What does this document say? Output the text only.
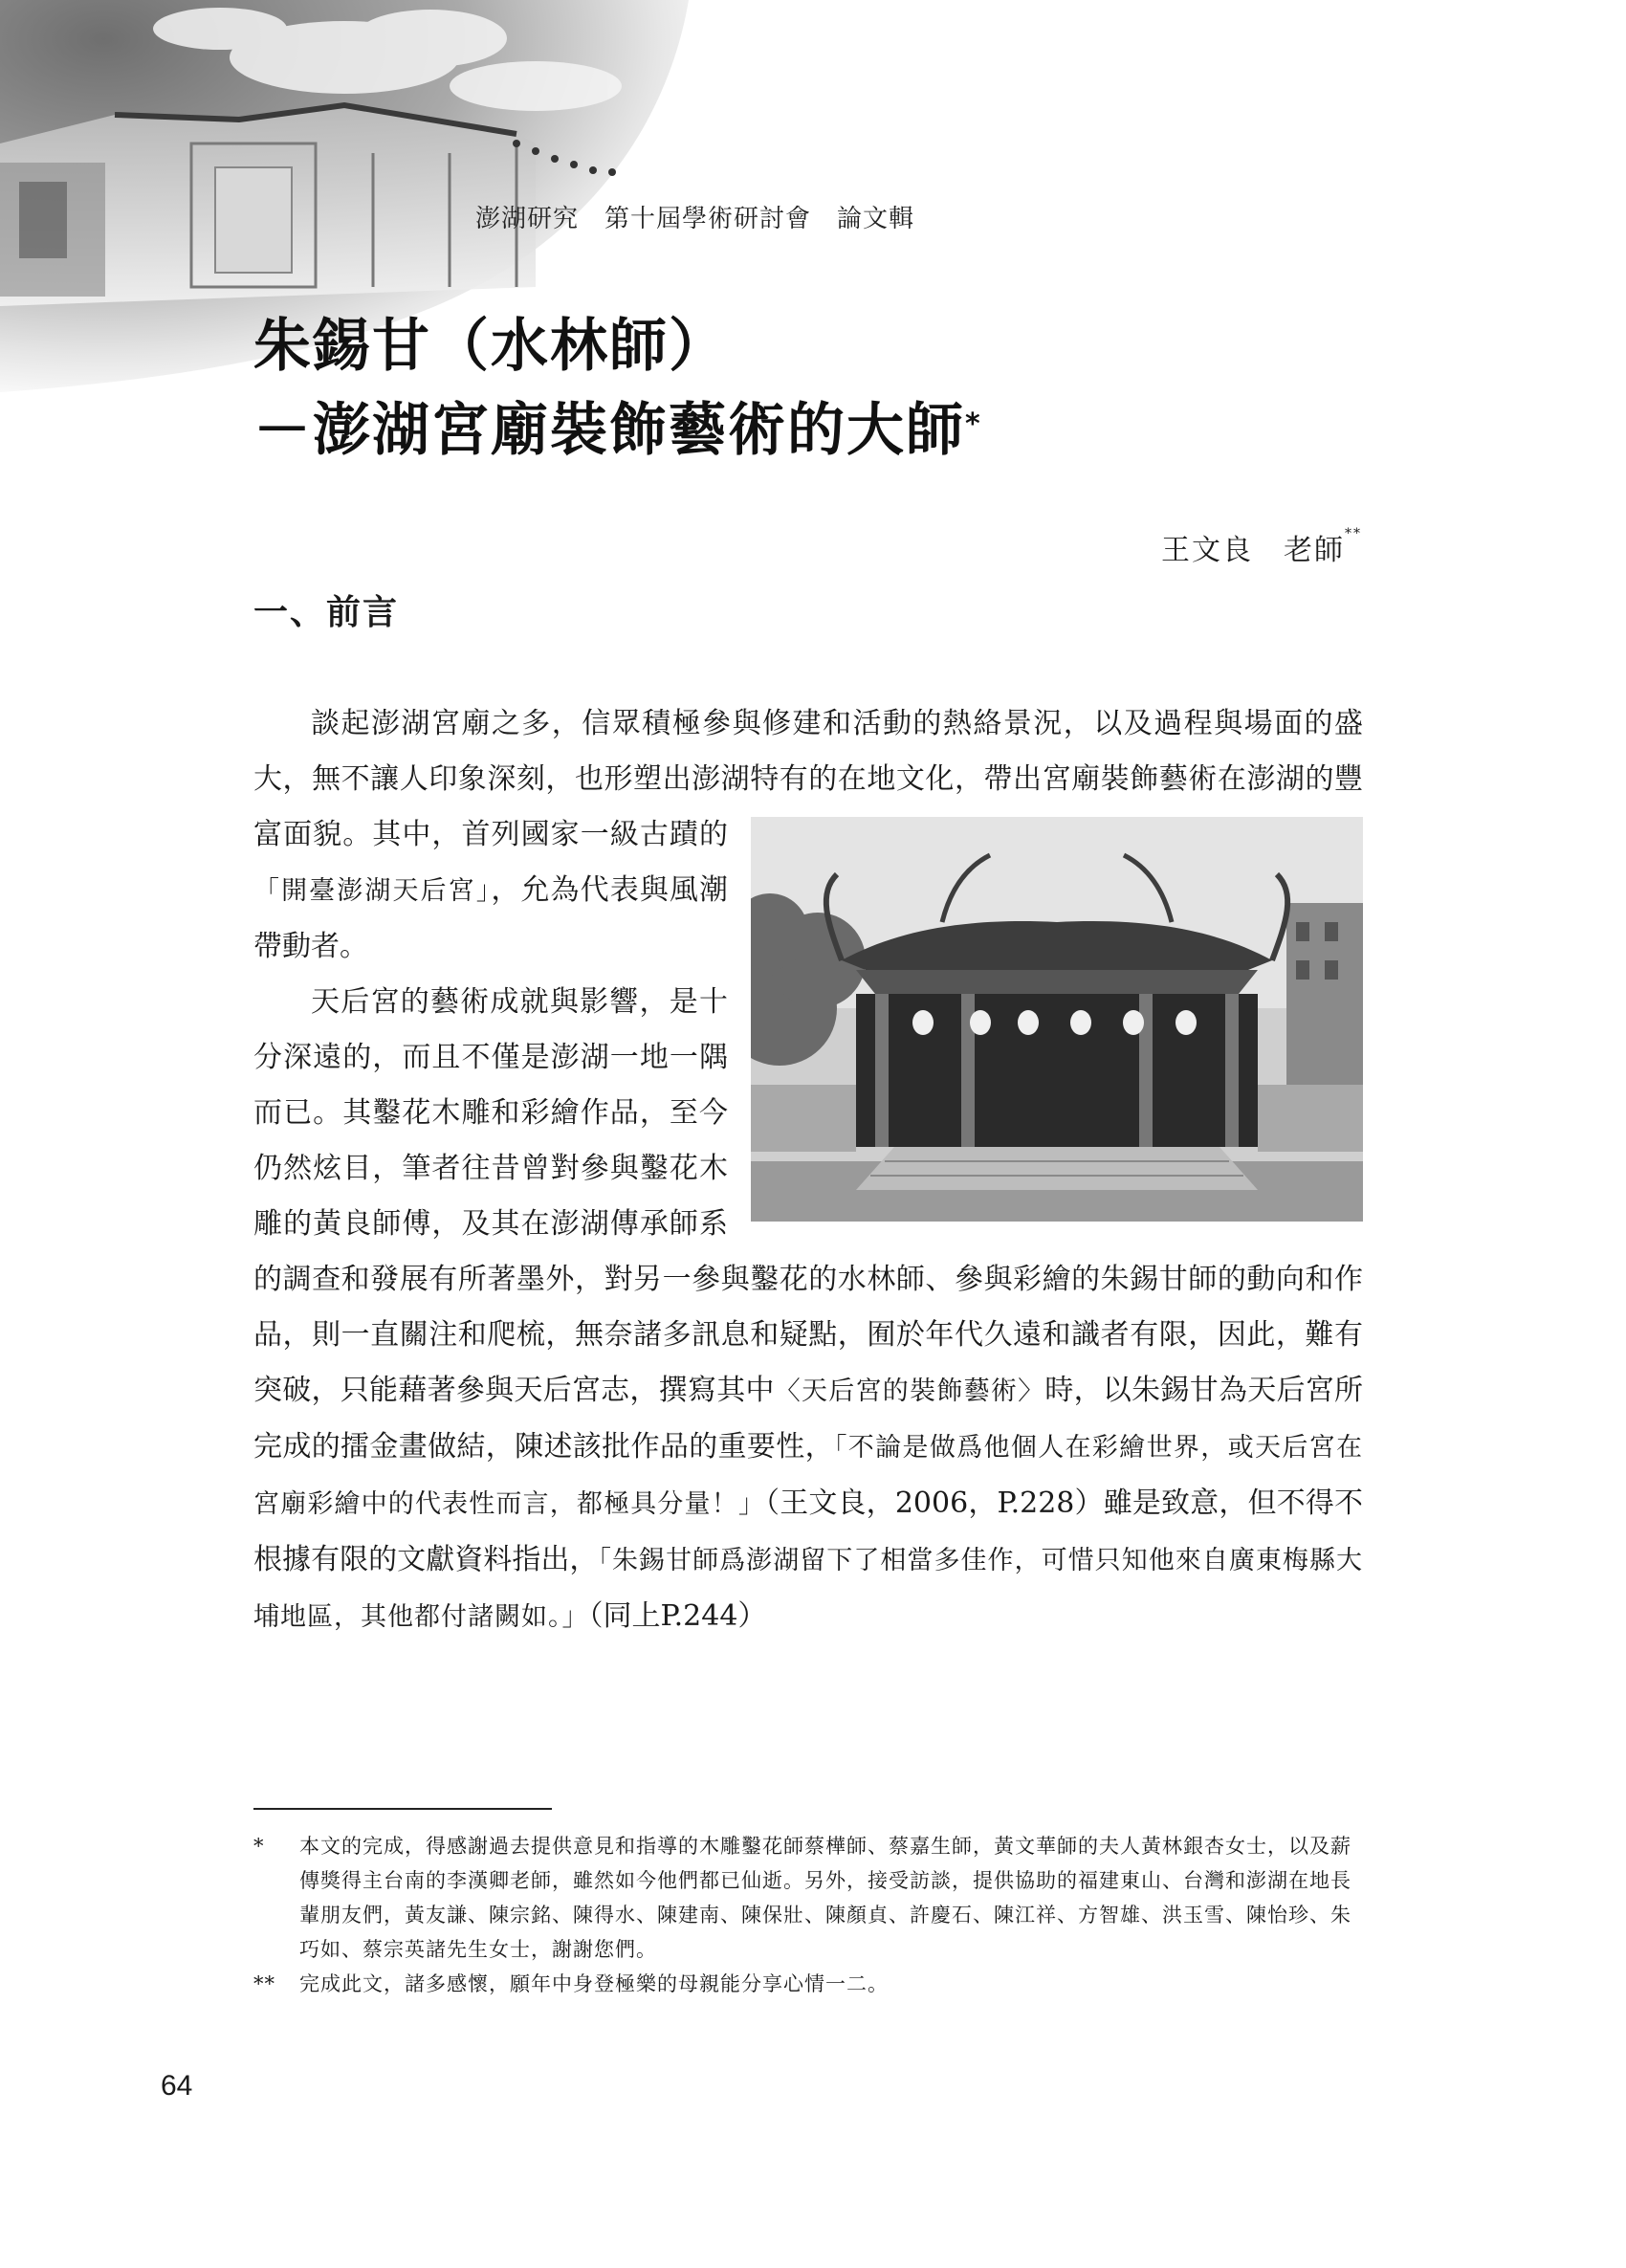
澎湖研究　第十屆學術研討會　論文輯
朱錫甘（水林師）
－澎湖宮廟裝飾藝術的大師*
王文良　老師**
一、前言

談起澎湖宮廟之多，信眾積極參與修建和活動的熱絡景況，以及過程與場面的盛大，無不讓人印象深刻，也形塑出澎湖特有的在地文化，帶出宮廟裝飾藝術在澎湖的豐富面貌。其中，首列國家一級古蹟的
「開臺澎湖天后宮」，允為代表與風潮帶動者。

天后宮的藝術成就與影響，是十分深遠的，而且不僅是澎湖一地一隅而已。其鑿花木雕和彩繪作品，至今仍然炫目，筆者往昔曾對參與鑿花木雕的黃良師傅，及其在澎湖傳承師系的調查和發展有所著墨外，對另一參與鑿花的水林師、參與彩繪的朱錫甘師的動向和作品，則一直關注和爬梳，無奈諸多訊息和疑點，囿於年代久遠和識者有限，因此，難有突破，只能藉著參與天后宮志，撰寫其中〈天后宮的裝飾藝術〉時，以朱錫甘為天后宮所完成的擂金畫做結，陳述該批作品的重要性，「不論是做爲他個人在彩繪世界，或天后宮在宮廟彩繪中的代表性而言，都極具分量！」（王文良，2006，P.228）雖是致意，但不得不根據有限的文獻資料指出，「朱錫甘師爲澎湖留下了相當多佳作，可惜只知他來自廣東梅縣大埔地區，其他都付諸闕如。」（同上P.244）

*	本文的完成，得感謝過去提供意見和指導的木雕鑿花師蔡樺師、蔡嘉生師，黃文華師的夫人黃林銀杏女士，以及薪傳獎得主台南的李漢卿老師，雖然如今他們都已仙逝。另外，接受訪談，提供協助的福建東山、台灣和澎湖在地長輩朋友們，黃友謙、陳宗銘、陳得水、陳建南、陳保壯、陳顏貞、許慶石、陳江祥、方智雄、洪玉雪、陳怡珍、朱巧如、蔡宗英諸先生女士，謝謝您們。
**	完成此文，諸多感懷，願年中身登極樂的母親能分享心情一二。
64
